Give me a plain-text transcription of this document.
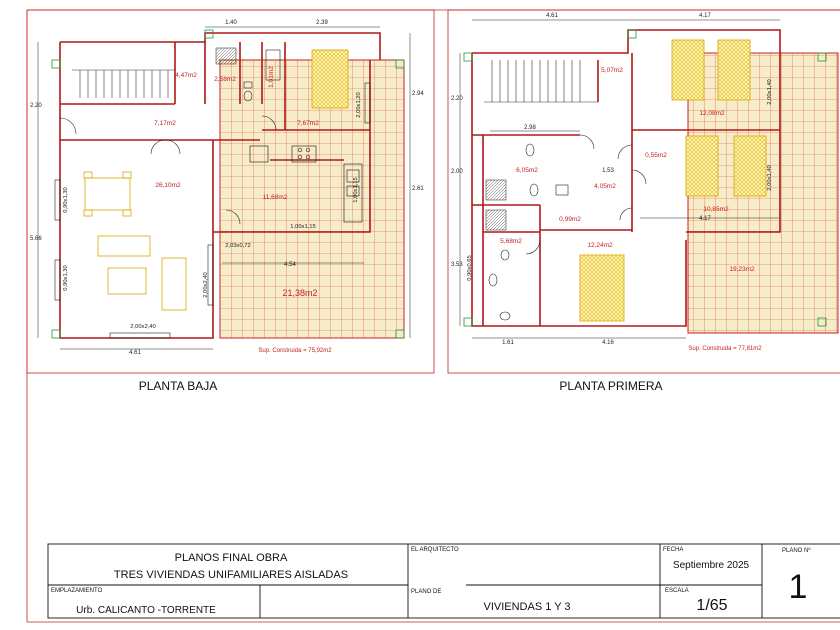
1.40	2.39
2.20
5.66
2.94
2.61
4.61
4.54
4,47m2
2,58m2	1,01m2
7,17m2	7,67m2
26,10m2
11,68m2
21,38m2
Sup. Construida = 75,92m2
0,90x1,30
0,90x1,30
2,00x2,40
2,00x2,40
1,00x1,15
2,03x0,72
2,00x1,20
1,00x1,15
PLANTA BAJA
4.61	4.17
2.20
2.00
3.53
2.98
1.53
4.17
1.61	4.16
5,07m2
12,08m2
6,05m2
4,05m2
0,55m2
10,85m2
0,99m2
5,68m2
12,24m2
19,23m2
Sup. Construida = 77,81m2
2,00x1,40
2,00x1,40
0,90x0,65
PLANTA PRIMERA
PLANOS FINAL OBRA
TRES VIVIENDAS UNIFAMILIARES AISLADAS
EL ARQUITECTO	FECHA
Septiembre 2025
PLANO Nº
1
EMPLAZAMIENTO
Urb. CALICANTO -TORRENTE
PLANO DE
VIVIENDAS 1 Y 3
ESCALA
1/65
